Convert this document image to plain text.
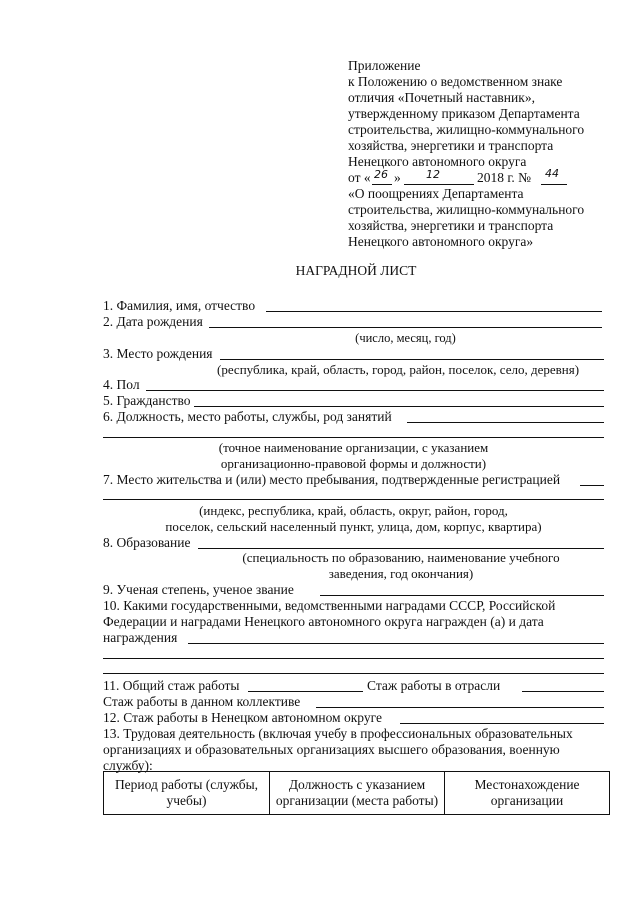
Приложение
к Положению о ведомственном знаке
отличия «Почетный наставник»,
утвержденному приказом Департамента
строительства, жилищно-коммунального
хозяйства, энергетики и транспорта
Ненецкого автономного округа
от « 26 » 12	2018 г. № 44
«О поощрениях Департамента
строительства, жилищно-коммунального
хозяйства, энергетики и транспорта
Ненецкого автономного округа»
НАГРАДНОЙ ЛИСТ
1. Фамилия, имя, отчество
2. Дата рождения
(число, месяц, год)
3. Место рождения
(республика, край, область, город, район, поселок, село, деревня)
4. Пол
5. Гражданство
6. Должность, место работы, службы, род занятий
(точное наименование организации, с указанием
организационно-правовой формы и должности)
7. Место жительства и (или) место пребывания, подтвержденные регистрацией
(индекс, республика, край, область, округ, район, город,
поселок, сельский населенный пункт, улица, дом, корпус, квартира)
8. Образование
(специальность по образованию, наименование учебного
заведения, год окончания)
9. Ученая степень, ученое звание
10. Какими государственными, ведомственными наградами СССР, Российской
Федерации и наградами Ненецкого автономного округа награжден (а) и дата
награждения
11. Общий стаж работы	Стаж работы в отрасли
Стаж работы в данном коллективе
12. Стаж работы в Ненецком автономном округе
13. Трудовая деятельность (включая учебу в профессиональных образовательных
организациях и образовательных организациях высшего образования, военную
службу):
Период работы (службы,
учебы)	Должность с указанием
организации (места работы)	Местонахождение
организации
